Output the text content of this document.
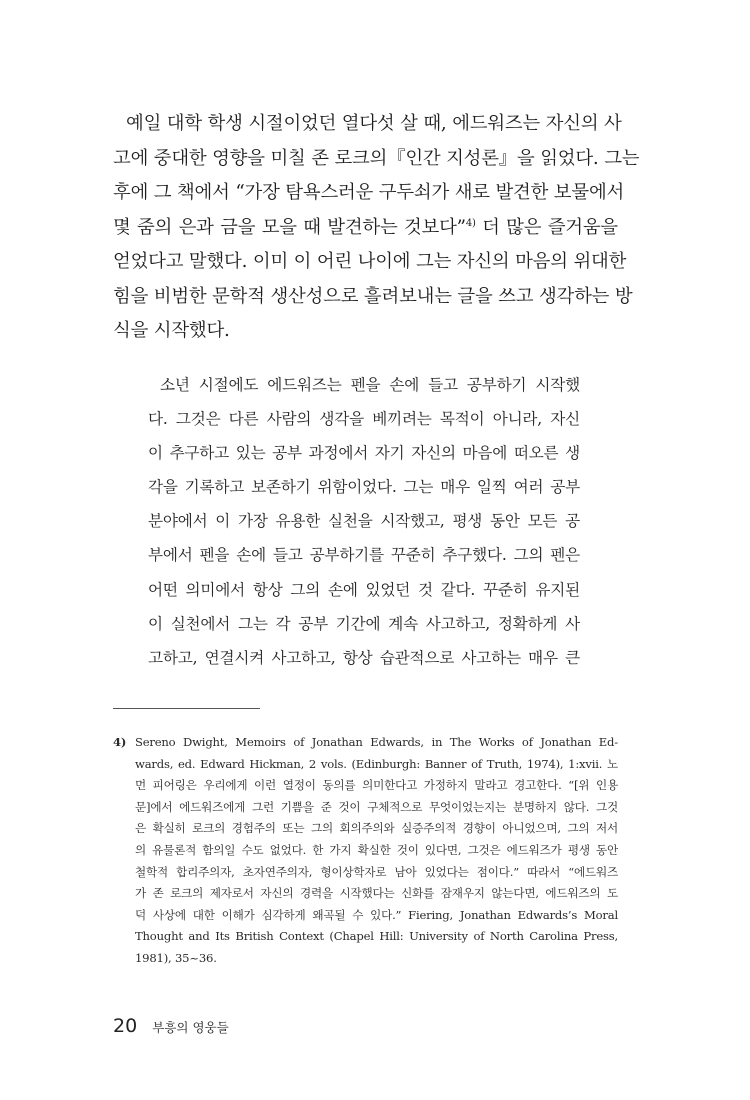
예일 대학 학생 시절이었던 열다섯 살 때, 에드워즈는 자신의 사
고에 중대한 영향을 미칠 존 로크의『인간 지성론』을 읽었다. 그는
후에 그 책에서 “가장 탐욕스러운 구두쇠가 새로 발견한 보물에서
몇 줌의 은과 금을 모을 때 발견하는 것보다”$^{4)}$ 더 많은 즐거움을
얻었다고 말했다. 이미 이 어린 나이에 그는 자신의 마음의 위대한
힘을 비범한 문학적 생산성으로 흘려보내는 글을 쓰고 생각하는 방
식을 시작했다.
소년 시절에도 에드워즈는 펜을 손에 들고 공부하기 시작했
다. 그것은 다른 사람의 생각을 베끼려는 목적이 아니라, 자신
이 추구하고 있는 공부 과정에서 자기 자신의 마음에 떠오른 생
각을 기록하고 보존하기 위함이었다. 그는 매우 일찍 여러 공부
분야에서 이 가장 유용한 실천을 시작했고, 평생 동안 모든 공
부에서 펜을 손에 들고 공부하기를 꾸준히 추구했다. 그의 펜은
어떤 의미에서 항상 그의 손에 있었던 것 같다. 꾸준히 유지된
이 실천에서 그는 각 공부 기간에 계속 사고하고, 정확하게 사
고하고, 연결시켜 사고하고, 항상 습관적으로 사고하는 매우 큰
4) Sereno Dwight, Memoirs of Jonathan Edwards, in The Works of Jonathan Ed-
wards, ed. Edward Hickman, 2 vols. (Edinburgh: Banner of Truth, 1974), 1:xvii. 노
먼 피어링은 우리에게 이런 열정이 동의를 의미한다고 가정하지 말라고 경고한다. “[위 인용
문]에서 에드워즈에게 그런 기쁨을 준 것이 구체적으로 무엇이었는지는 분명하지 않다. 그것
은 확실히 로크의 경험주의 또는 그의 회의주의와 실증주의적 경향이 아니었으며, 그의 저서
의 유물론적 함의일 수도 없었다. 한 가지 확실한 것이 있다면, 그것은 에드워즈가 평생 동안
철학적 합리주의자, 초자연주의자, 형이상학자로 남아 있었다는 점이다.” 따라서 “에드워즈
가 존 로크의 제자로서 자신의 경력을 시작했다는 신화를 잠재우지 않는다면, 에드워즈의 도
덕 사상에 대한 이해가 심각하게 왜곡될 수 있다.” Fiering, Jonathan Edwards’s Moral
Thought and Its British Context (Chapel Hill: University of North Carolina Press,
1981), 35~36.
20 부흥의 영웅들
